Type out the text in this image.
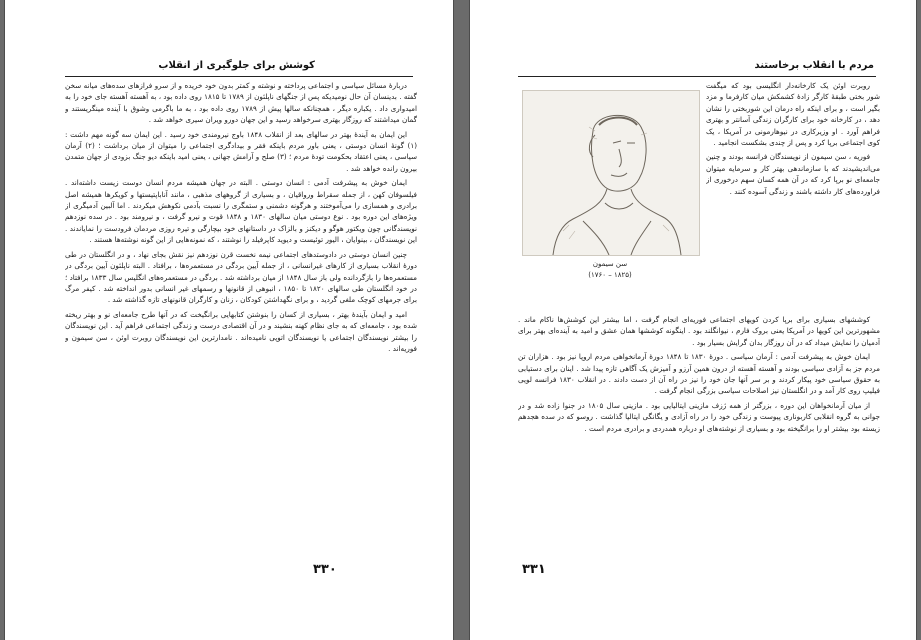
کوشش برای جلوگیری از انقلاب

دربارهٔ مسائل سیاسی و اجتماعی پرداخته و نوشته و کمتر بدون خود خریده و از سرو فرازهای سده‌های میانه سخن گفته . بدینسان آن حال نومیدیکه پس از جنگهای ناپلئون از ۱۷۸۹ تا ۱۸۱۵ روی داده بود ، به آهسته آهسته جای خود را به امیدواری داد . یکباره دیگر ، همچنانکه سالها پیش از ۱۷۸۹ روی داده بود ، به ما باگرمی وشوق با آینده مینگریستند و گمان میداشتند که روزگار بهتری سرخواهد رسید و این جهان دورو ویران سیری خواهد شد .

این ایمان به آیندهٔ بهتر در سالهای بعد از انقلاب ۱۸۴۸ باوج نیرومندی خود رسید . این ایمان سه گونه مهم داشت : (۱) گونهٔ انسان دوستی ، یعنی باور مردم باینکه فقر و بیدادگری اجتماعی را میتوان از میان برداشت ؛ (۲) آرمان سیاسی ، یعنی اعتقاد بحکومت تودهٔ مردم ؛ (۳) صلح و آرامش جهانی ، یعنی امید باینکه دیو جنگ بزودی از جهان متمدن بیرون رانده خواهد شد .

ایمان خوش به پیشرفت آدمی : انسان دوستی . البته در جهان همیشه مردم انسان دوست زیست داشته‌اند . فیلسوفان کهن ، از جمله سقراط ورواقیان ، و بسیاری از گروههای مذهبی ، مانند آناباپتیستها و کویکرها همیشه اصل برادری و همسازی را می‌آموختند و هرگونه دشمنی و ستمگری را نسبت بآدمی نکوهش میکردند . اما آلبین آدمیگری از ویژه‌های این دوره بود . نوع دوستی میان سالهای ۱۸۳۰ و ۱۸۴۸ قوت و نیرو گرفت ، و نیرومند بود . در سده نوزدهم نویسندگانی چون ویکتور هوگو و دیکنز و بالزاک در داستانهای خود بیچارگی و تیره روزی مردمان فرودست را نمایاندند . این نویسندگان ، بینوایان ، الیور توئیست و دیوید کاپرفیلد را نوشتند ، که نمونه‌هایی از این گونه نوشته‌ها هستند .

چنین انسان دوستی در دادوستدهای اجتماعی نیمه نخست قرن نوزدهم نیز نقش بجای نهاد ، و در انگلستان در طی دورهٔ انقلاب بسیاری از کارهای غیرانسانی ، از جمله آیین بردگی در مستعمره‌ها ، برافتاد . البته ناپلئون آیین بردگی در مستعمره‌ها را بازگردانده ولی باز سال ۱۸۴۸ از میان برداشته شد . بردگی در مستعمره‌های انگلیس سال ۱۸۳۳ برافتاد ؛ در خود انگلستان طی سالهای ۱۸۲۰ تا ۱۸۵۰ ، انبوهی از قانونها و رسمهای غیر انسانی بدور انداخته شد . کیفر مرگ برای جرمهای کوچک ملغی گردید ، و برای نگهداشتن کودکان ، زنان و کارگران قانونهای تازه گذاشته شد .

امید و ایمان بآیندهٔ بهتر ، بسیاری از کسان را بنوشتن کتابهایی برانگیخت که در آنها طرح جامعه‌ای نو و بهتر ریخته شده بود ، جامعه‌ای که به جای نظام کهنه بنشیند و در آن اقتصادی درست و زندگی اجتماعی فراهم آید . این نویسندگان را بیشتر نویسندگان اجتماعی یا نویسندگان اتوپی نامیده‌اند . نامدارترین این نویسندگان روبرت اوئن ، سن سیمون و فوریه‌اند .

۳۳۰
مردم با انقلاب برخاستند
سن سیمون
(۱۸۲۵ – ۱۷۶۰)

روبرت اوئن یک کارخانه‌دار انگلیسی بود که میگفت شور بختی طبقهٔ کارگر زادهٔ کشمکش میان کارفرما و مزد بگیر است ، و برای اینکه راه درمان این شوربختی را نشان دهد ، در کارخانه خود برای کارگران زندگی آسانتر و بهتری فراهم آورد . او وزیرکاری در نیوهارمونی در آمریکا ، یک کوی اجتماعی برپا کرد و پس از چندی بشکست انجامید .

فوریه ، سن سیمون از نویسندگان فرانسه بودند و چنین می‌اندیشیدند که با سازماندهی بهتر کار و سرمایه میتوان جامعه‌ای نو برپا کرد که در آن همه کسان سهم درخوری از فراورده‌های کار داشته باشند و زندگی آسوده کنند .

کوششهای بسیاری برای برپا کردن کویهای اجتماعی فوریه‌ای انجام گرفت ، اما بیشتر این کوشش‌ها ناکام ماند . مشهورترین این کویها در آمریکا یعنی بروک فارم ، نیوانگلند بود . اینگونه کوششها همان عشق و امید به آینده‌ای بهتر برای آدمیان را نمایش میداد که در آن روزگار بدان گرایش بسیار بود .

ایمان خوش به پیشرفت آدمی : آرمان سیاسی . دورهٔ ۱۸۳۰ تا ۱۸۴۸ دورهٔ آرمانخواهی مردم اروپا نیز بود . هزاران تن مردم جز به آزادی سیاسی بودند و آهسته آهسته از درون همین آرزو و آمیزش یک آگاهی تازه پیدا شد . اینان برای دستیابی به حقوق سیاسی خود پیکار کردند و بر سر آنها جان خود را نیز در راه آن از دست دادند . در انقلاب ۱۸۳۰ فرانسه لویی فیلیپ روی کار آمد و در انگلستان نیز اصلاحات سیاسی بزرگی انجام گرفت .

از میان آرمانخواهان این دوره ، بزرگتر از همه ژزف مازینی ایتالیایی بود . مازینی سال ۱۸۰۵ در جنوا زاده شد و در جوانی به گروه انقلابی کاربوناری پیوست و زندگی خود را در راه آزادی و یگانگی ایتالیا گذاشت . روسو که در سده هجدهم زیسته بود بیشتر او را برانگیخته بود و بسیاری از نوشته‌های او درباره همدردی و برادری مردم است .

۳۳۱
